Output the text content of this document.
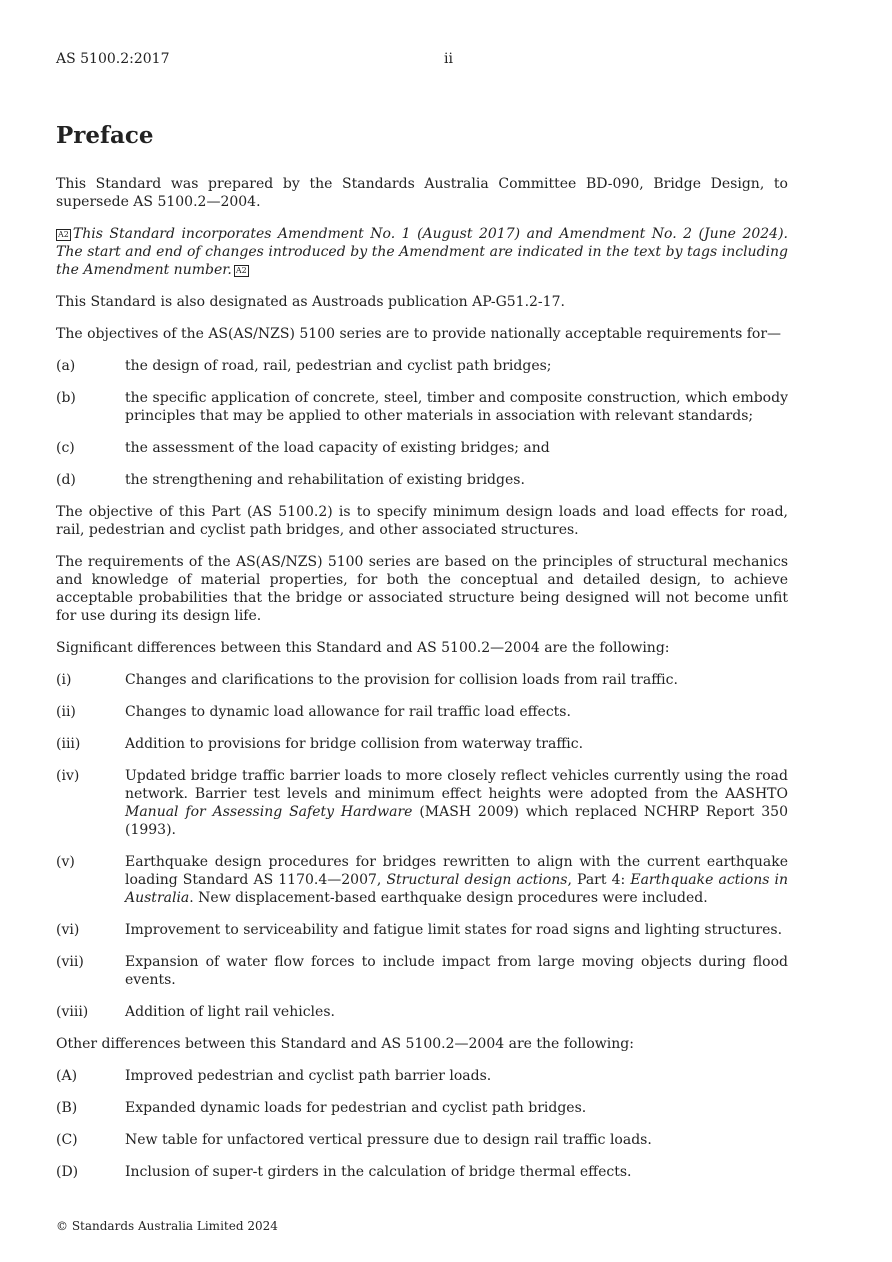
AS 5100.2:2017	ii
Preface

This Standard was prepared by the Standards Australia Committee BD-090, Bridge Design, to supersede AS 5100.2—2004.

A2 This Standard incorporates Amendment No. 1 (August 2017) and Amendment No. 2 (June 2024). The start and end of changes introduced by the Amendment are indicated in the text by tags including the Amendment number. A2

This Standard is also designated as Austroads publication AP-G51.2-17.

The objectives of the AS(AS/NZS) 5100 series are to provide nationally acceptable requirements for—

(a)	the design of road, rail, pedestrian and cyclist path bridges;
(b)	the specific application of concrete, steel, timber and composite construction, which embody principles that may be applied to other materials in association with relevant standards;
(c)	the assessment of the load capacity of existing bridges; and
(d)	the strengthening and rehabilitation of existing bridges.

The objective of this Part (AS 5100.2) is to specify minimum design loads and load effects for road, rail, pedestrian and cyclist path bridges, and other associated structures.

The requirements of the AS(AS/NZS) 5100 series are based on the principles of structural mechanics and knowledge of material properties, for both the conceptual and detailed design, to achieve acceptable probabilities that the bridge or associated structure being designed will not become unfit for use during its design life.

Significant differences between this Standard and AS 5100.2—2004 are the following:

(i)	Changes and clarifications to the provision for collision loads from rail traffic.
(ii)	Changes to dynamic load allowance for rail traffic load effects.
(iii)	Addition to provisions for bridge collision from waterway traffic.
(iv)	Updated bridge traffic barrier loads to more closely reflect vehicles currently using the road network. Barrier test levels and minimum effect heights were adopted from the AASHTO Manual for Assessing Safety Hardware (MASH 2009) which replaced NCHRP Report 350 (1993).
(v)	Earthquake design procedures for bridges rewritten to align with the current earthquake loading Standard AS 1170.4—2007, Structural design actions, Part 4: Earthquake actions in Australia. New displacement-based earthquake design procedures were included.
(vi)	Improvement to serviceability and fatigue limit states for road signs and lighting structures.
(vii)	Expansion of water flow forces to include impact from large moving objects during flood events.
(viii)	Addition of light rail vehicles.

Other differences between this Standard and AS 5100.2—2004 are the following:

(A)	Improved pedestrian and cyclist path barrier loads.
(B)	Expanded dynamic loads for pedestrian and cyclist path bridges.
(C)	New table for unfactored vertical pressure due to design rail traffic loads.
(D)	Inclusion of super-t girders in the calculation of bridge thermal effects.
© Standards Australia Limited 2024
